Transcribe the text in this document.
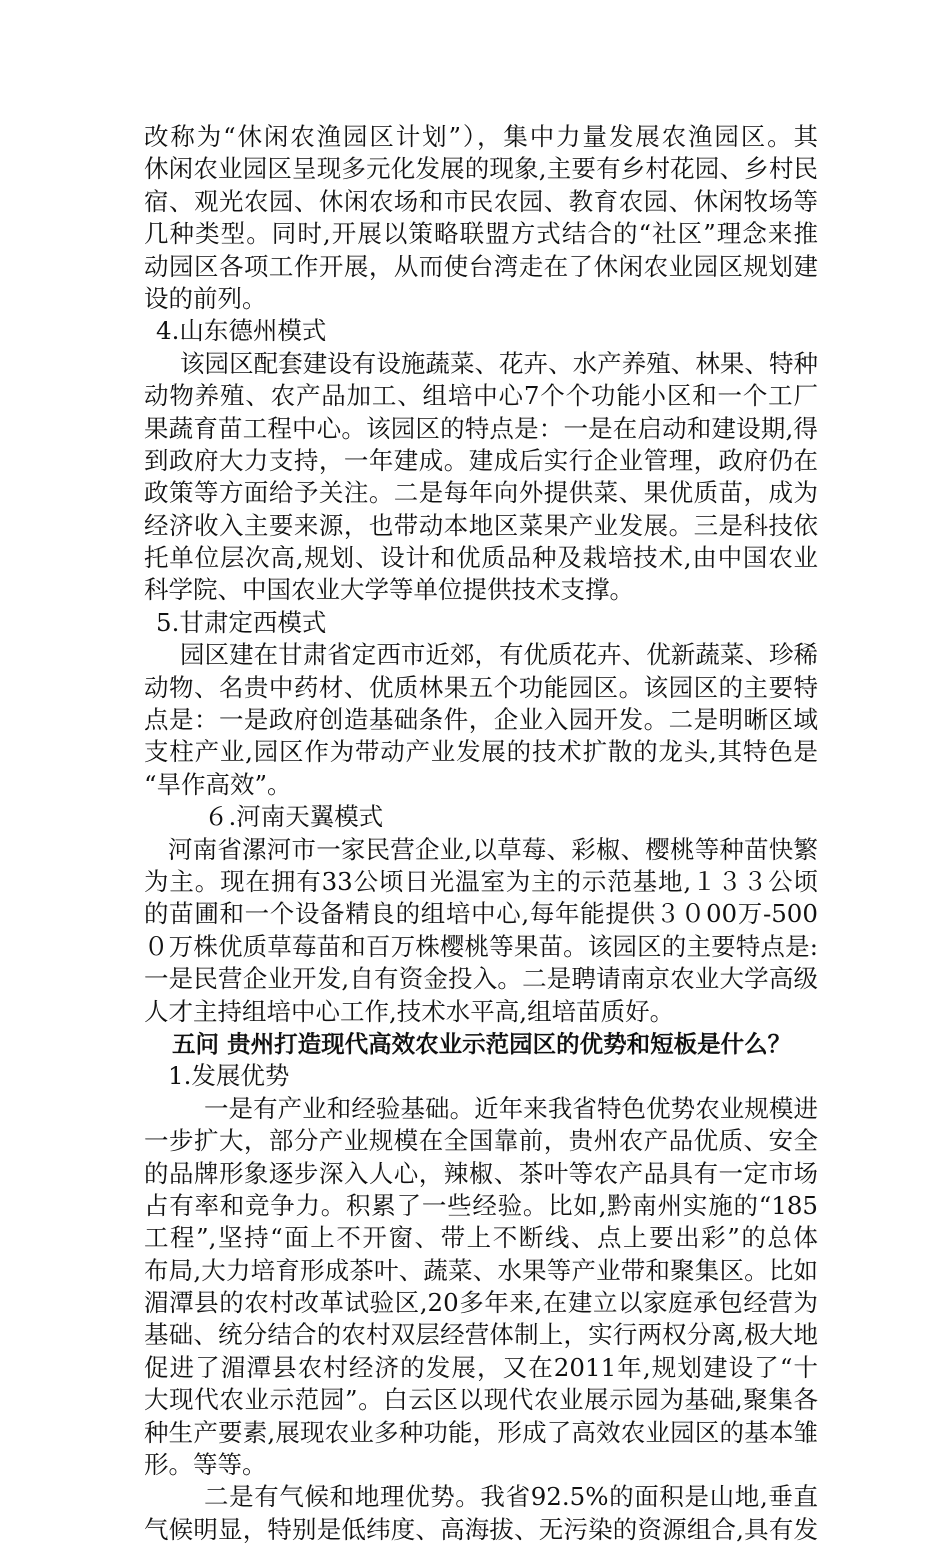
改称为“休闲农渔园区计划”），集中力量发展农渔园区。其
休闲农业园区呈现多元化发展的现象,主要有乡村花园、乡村民
宿、观光农园、休闲农场和市民农园、教育农园、休闲牧场等
几种类型。同时,开展以策略联盟方式结合的“社区”理念来推
动园区各项工作开展，从而使台湾走在了休闲农业园区规划建
设的前列。
4.山东德州模式
该园区配套建设有设施蔬菜、花卉、水产养殖、林果、特种
动物养殖、农产品加工、组培中心7个个功能小区和一个工厂
果蔬育苗工程中心。该园区的特点是：一是在启动和建设期,得
到政府大力支持，一年建成。建成后实行企业管理，政府仍在
政策等方面给予关注。二是每年向外提供菜、果优质苗，成为
经济收入主要来源，也带动本地区菜果产业发展。三是科技依
托单位层次高,规划、设计和优质品种及栽培技术,由中国农业
科学院、中国农业大学等单位提供技术支撑。
5.甘肃定西模式
园区建在甘肃省定西市近郊，有优质花卉、优新蔬菜、珍稀
动物、名贵中药材、优质林果五个功能园区。该园区的主要特
点是：一是政府创造基础条件，企业入园开发。二是明晰区域
支柱产业,园区作为带动产业发展的技术扩散的龙头,其特色是
“旱作高效”。
６.河南天翼模式
河南省漯河市一家民营企业,以草莓、彩椒、樱桃等种苗快繁
为主。现在拥有33公顷日光温室为主的示范基地,１３３公顷
的苗圃和一个设备精良的组培中心,每年能提供３０00万-500
０万株优质草莓苗和百万株樱桃等果苗。该园区的主要特点是:
一是民营企业开发,自有资金投入。二是聘请南京农业大学高级
人才主持组培中心工作,技术水平高,组培苗质好。
五问 贵州打造现代高效农业示范园区的优势和短板是什么？
1.发展优势
一是有产业和经验基础。近年来我省特色优势农业规模进
一步扩大，部分产业规模在全国靠前，贵州农产品优质、安全
的品牌形象逐步深入人心，辣椒、茶叶等农产品具有一定市场
占有率和竞争力。积累了一些经验。比如,黔南州实施的“185
工程”,坚持“面上不开窗、带上不断线、点上要出彩”的总体
布局,大力培育形成茶叶、蔬菜、水果等产业带和聚集区。比如
湄潭县的农村改革试验区,20多年来,在建立以家庭承包经营为
基础、统分结合的农村双层经营体制上，实行两权分离,极大地
促进了湄潭县农村经济的发展，又在2011年,规划建设了“十
大现代农业示范园”。白云区以现代农业展示园为基础,聚集各
种生产要素,展现农业多种功能，形成了高效农业园区的基本雏
形。等等。
二是有气候和地理优势。我省92.5%的面积是山地,垂直
气候明显，特别是低纬度、高海拔、无污染的资源组合,具有发
